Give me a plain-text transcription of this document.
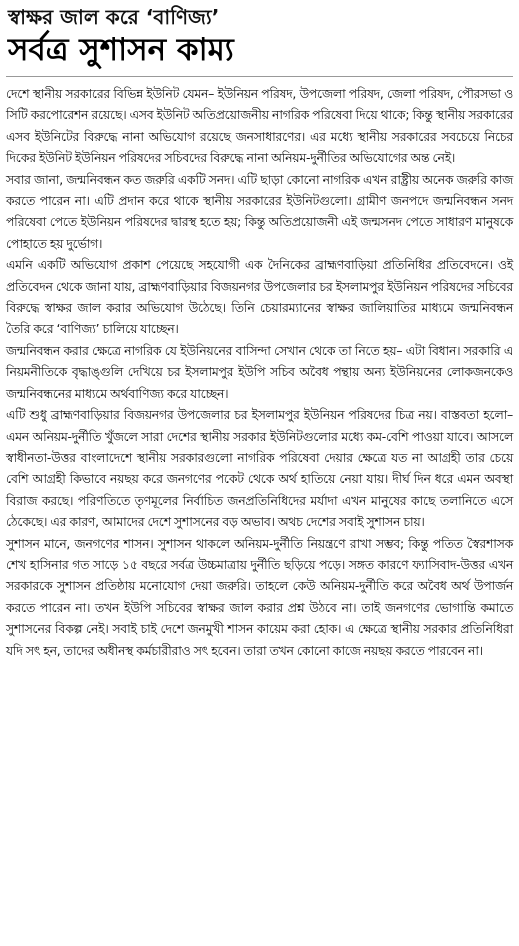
স্বাক্ষর জাল করে ‘বাণিজ্য’
সর্বত্র সুশাসন কাম্য

দেশে স্থানীয় সরকারের বিভিন্ন ইউনিট যেমন– ইউনিয়ন পরিষদ, উপজেলা পরিষদ, জেলা পরিষদ, পৌরসভা ও সিটি করপোরেশন রয়েছে। এসব ইউনিট অতিপ্রয়োজনীয় নাগরিক পরিষেবা দিয়ে থাকে; কিন্তু স্থানীয় সরকারের এসব ইউনিটের বিরুদ্ধে নানা অভিযোগ রয়েছে জনসাধারণের। এর মধ্যে স্থানীয় সরকারের সবচেয়ে নিচের দিকের ইউনিট ইউনিয়ন পরিষদের সচিবদের বিরুদ্ধে নানা অনিয়ম-দুর্নীতির অভিযোগের অন্ত নেই।

সবার জানা, জন্মনিবন্ধন কত জরুরি একটি সনদ। এটি ছাড়া কোনো নাগরিক এখন রাষ্ট্রীয় অনেক জরুরি কাজ করতে পারেন না। এটি প্রদান করে থাকে স্থানীয় সরকারের ইউনিটগুলো। গ্রামীণ জনপদে জন্মনিবন্ধন সনদ পরিষেবা পেতে ইউনিয়ন পরিষদের দ্বারস্থ হতে হয়; কিন্তু অতিপ্রয়োজনী এই জন্মসনদ পেতে সাধারণ মানুষকে পোহাতে হয় দুর্ভোগ।

এমনি একটি অভিযোগ প্রকাশ পেয়েছে সহযোগী এক দৈনিকের ব্রাহ্মণবাড়িয়া প্রতিনিধির প্রতিবেদনে। ওই প্রতিবেদন থেকে জানা যায়, ব্রাহ্মণবাড়িয়ার বিজয়নগর উপজেলার চর ইসলামপুর ইউনিয়ন পরিষদের সচিবের বিরুদ্ধে স্বাক্ষর জাল করার অভিযোগ উঠেছে। তিনি চেয়ারম্যানের স্বাক্ষর জালিয়াতির মাধ্যমে জন্মনিবন্ধন তৈরি করে ‘বাণিজ্য’ চালিয়ে যাচ্ছেন।

জন্মনিবন্ধন করার ক্ষেত্রে নাগরিক যে ইউনিয়নের বাসিন্দা সেখান থেকে তা নিতে হয়– এটা বিধান। সরকারি এ নিয়মনীতিকে বৃদ্ধাঙ্গুলি দেখিয়ে চর ইসলামপুর ইউপি সচিব অবৈধ পন্থায় অন্য ইউনিয়নের লোকজনকেও জন্মনিবন্ধনের মাধ্যমে অর্থবাণিজ্য করে যাচ্ছেন।

এটি শুধু ব্রাহ্মণবাড়িয়ার বিজয়নগর উপজেলার চর ইসলামপুর ইউনিয়ন পরিষদের চিত্র নয়। বাস্তবতা হলো– এমন অনিয়ম-দুর্নীতি খুঁজলে সারা দেশের স্থানীয় সরকার ইউনিটগুলোর মধ্যে কম-বেশি পাওয়া যাবে। আসলে স্বাধীনতা-উত্তর বাংলাদেশে স্থানীয় সরকারগুলো নাগরিক পরিষেবা দেয়ার ক্ষেত্রে যত না আগ্রহী তার চেয়ে বেশি আগ্রহী কিভাবে নয়ছয় করে জনগণের পকেট থেকে অর্থ হাতিয়ে নেয়া যায়। দীর্ঘ দিন ধরে এমন অবস্থা বিরাজ করছে। পরিণতিতে তৃণমূলের নির্বাচিত জনপ্রতিনিধিদের মর্যাদা এখন মানুষের কাছে তলানিতে এসে ঠেকেছে। এর কারণ, আমাদের দেশে সুশাসনের বড় অভাব। অথচ দেশের সবাই সুশাসন চায়।

সুশাসন মানে, জনগণের শাসন। সুশাসন থাকলে অনিয়ম-দুর্নীতি নিয়ন্ত্রণে রাখা সম্ভব; কিন্তু পতিত স্বৈরশাসক শেখ হাসিনার গত সাড়ে ১৫ বছরে সর্বত্র উচ্চমাত্রায় দুর্নীতি ছড়িয়ে পড়ে। সঙ্গত কারণে ফ্যাসিবাদ-উত্তর এখন সরকারকে সুশাসন প্রতিষ্ঠায় মনোযোগ দেয়া জরুরি। তাহলে কেউ অনিয়ম-দুর্নীতি করে অবৈধ অর্থ উপার্জন করতে পারেন না। তখন ইউপি সচিবের স্বাক্ষর জাল করার প্রশ্ন উঠবে না। তাই জনগণের ভোগান্তি কমাতে সুশাসনের বিকল্প নেই। সবাই চাই দেশে জনমুখী শাসন কায়েম করা হোক। এ ক্ষেত্রে স্থানীয় সরকার প্রতিনিধিরা যদি সৎ হন, তাদের অধীনস্থ কর্মচারীরাও সৎ হবেন। তারা তখন কোনো কাজে নয়ছয় করতে পারবেন না।
